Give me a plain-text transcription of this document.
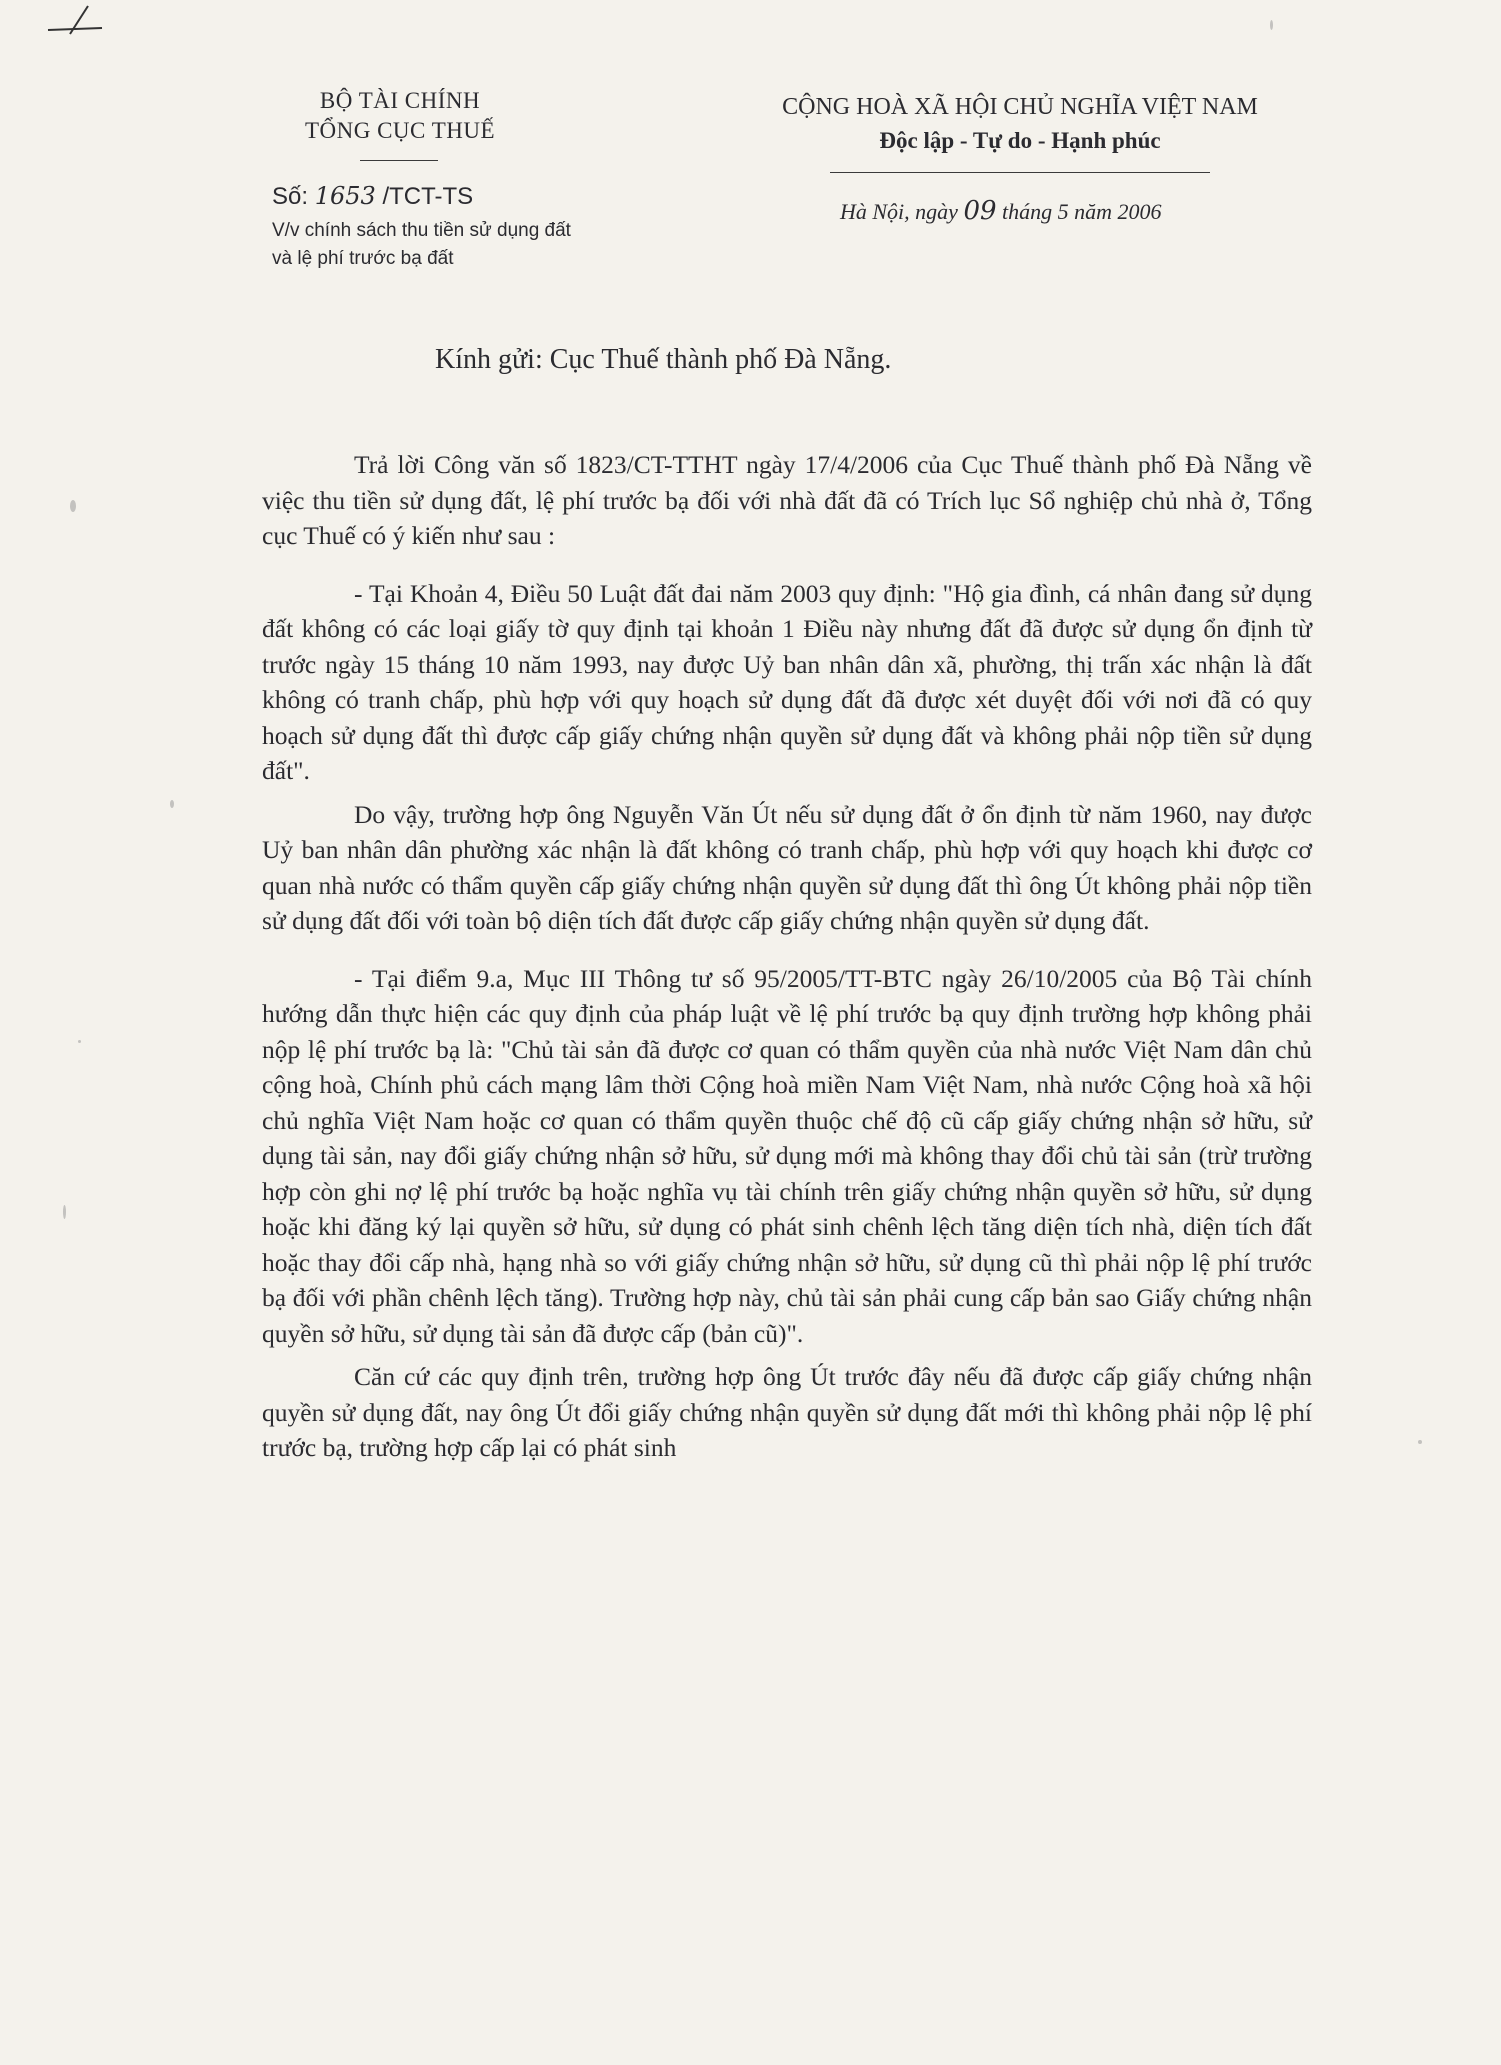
BỘ TÀI CHÍNH
TỔNG CỤC THUẾ
CỘNG HOÀ XÃ HỘI CHỦ NGHĨA VIỆT NAM
Độc lập - Tự do - Hạnh phúc
Số: 1653 /TCT-TS
V/v chính sách thu tiền sử dụng đất
và lệ phí trước bạ đất
Hà Nội, ngày 09 tháng 5 năm 2006
Kính gửi: Cục Thuế thành phố Đà Nẵng.

Trả lời Công văn số 1823/CT-TTHT ngày 17/4/2006 của Cục Thuế thành phố Đà Nẵng về việc thu tiền sử dụng đất, lệ phí trước bạ đối với nhà đất đã có Trích lục Sổ nghiệp chủ nhà ở, Tổng cục Thuế có ý kiến như sau :

- Tại Khoản 4, Điều 50 Luật đất đai năm 2003 quy định: "Hộ gia đình, cá nhân đang sử dụng đất không có các loại giấy tờ quy định tại khoản 1 Điều này nhưng đất đã được sử dụng ổn định từ trước ngày 15 tháng 10 năm 1993, nay được Uỷ ban nhân dân xã, phường, thị trấn xác nhận là đất không có tranh chấp, phù hợp với quy hoạch sử dụng đất đã được xét duyệt đối với nơi đã có quy hoạch sử dụng đất thì được cấp giấy chứng nhận quyền sử dụng đất và không phải nộp tiền sử dụng đất".

Do vậy, trường hợp ông Nguyễn Văn Út nếu sử dụng đất ở ổn định từ năm 1960, nay được Uỷ ban nhân dân phường xác nhận là đất không có tranh chấp, phù hợp với quy hoạch khi được cơ quan nhà nước có thẩm quyền cấp giấy chứng nhận quyền sử dụng đất thì ông Út không phải nộp tiền sử dụng đất đối với toàn bộ diện tích đất được cấp giấy chứng nhận quyền sử dụng đất.

- Tại điểm 9.a, Mục III Thông tư số 95/2005/TT-BTC ngày 26/10/2005 của Bộ Tài chính hướng dẫn thực hiện các quy định của pháp luật về lệ phí trước bạ quy định trường hợp không phải nộp lệ phí trước bạ là: "Chủ tài sản đã được cơ quan có thẩm quyền của nhà nước Việt Nam dân chủ cộng hoà, Chính phủ cách mạng lâm thời Cộng hoà miền Nam Việt Nam, nhà nước Cộng hoà xã hội chủ nghĩa Việt Nam hoặc cơ quan có thẩm quyền thuộc chế độ cũ cấp giấy chứng nhận sở hữu, sử dụng tài sản, nay đổi giấy chứng nhận sở hữu, sử dụng mới mà không thay đổi chủ tài sản (trừ trường hợp còn ghi nợ lệ phí trước bạ hoặc nghĩa vụ tài chính trên giấy chứng nhận quyền sở hữu, sử dụng hoặc khi đăng ký lại quyền sở hữu, sử dụng có phát sinh chênh lệch tăng diện tích nhà, diện tích đất hoặc thay đổi cấp nhà, hạng nhà so với giấy chứng nhận sở hữu, sử dụng cũ thì phải nộp lệ phí trước bạ đối với phần chênh lệch tăng). Trường hợp này, chủ tài sản phải cung cấp bản sao Giấy chứng nhận quyền sở hữu, sử dụng tài sản đã được cấp (bản cũ)".

Căn cứ các quy định trên, trường hợp ông Út trước đây nếu đã được cấp giấy chứng nhận quyền sử dụng đất, nay ông Út đổi giấy chứng nhận quyền sử dụng đất mới thì không phải nộp lệ phí trước bạ, trường hợp cấp lại có phát sinh
